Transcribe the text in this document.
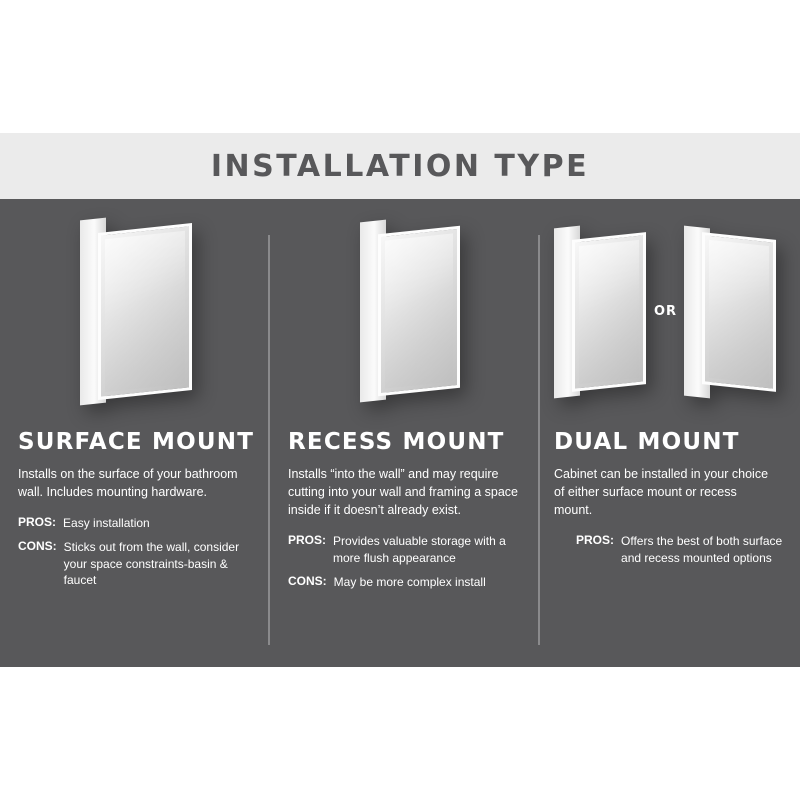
INSTALLATION TYPE
SURFACE MOUNT

Installs on the surface of your bathroom wall. Includes mounting hardware.

PROS: Easy installation
CONS: Sticks out from the wall, consider your space constraints-basin & faucet
RECESS MOUNT

Installs “into the wall” and may require cutting into your wall and framing a space inside if it doesn’t already exist.

PROS: Provides valuable storage with a more flush appearance
CONS: May be more complex install
OR
DUAL MOUNT

Cabinet can be installed in your choice of either surface mount or recess mount.

PROS: Offers the best of both surface and recess mounted options
